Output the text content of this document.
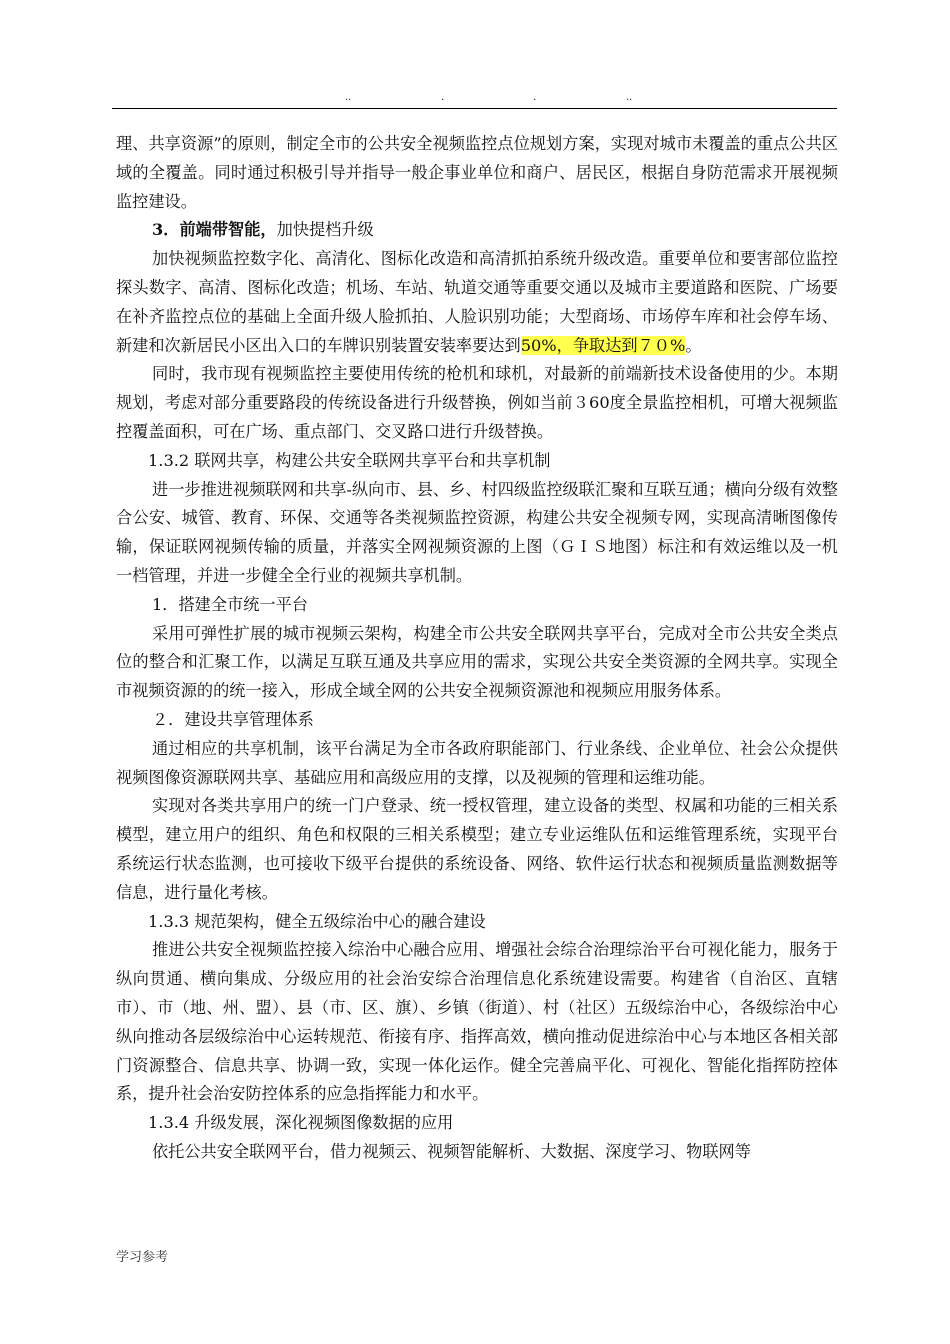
..	.	.	..

理、共享资源”的原则，制定全市的公共安全视频监控点位规划方案，实现对城市未覆盖的重点公共区域的全覆盖。同时通过积极引导并指导一般企事业单位和商户、居民区，根据自身防范需求开展视频监控建设。

3．前端带智能，加快提档升级

加快视频监控数字化、高清化、图标化改造和高清抓拍系统升级改造。重要单位和要害部位监控探头数字、高清、图标化改造；机场、车站、轨道交通等重要交通以及城市主要道路和医院、广场要在补齐监控点位的基础上全面升级人脸抓拍、人脸识别功能；大型商场、市场停车库和社会停车场、新建和次新居民小区出入口的车牌识别装置安装率要达到50%，争取达到７０%。

同时，我市现有视频监控主要使用传统的枪机和球机，对最新的前端新技术设备使用的少。本期规划，考虑对部分重要路段的传统设备进行升级替换，例如当前３60度全景监控相机，可增大视频监控覆盖面积，可在广场、重点部门、交叉路口进行升级替换。

1.3.2 联网共享，构建公共安全联网共享平台和共享机制

进一步推进视频联网和共享-纵向市、县、乡、村四级监控级联汇聚和互联互通；横向分级有效整合公安、城管、教育、环保、交通等各类视频监控资源，构建公共安全视频专网，实现高清晰图像传输，保证联网视频传输的质量，并落实全网视频资源的上图（ＧＩＳ地图）标注和有效运维以及一机一档管理，并进一步健全全行业的视频共享机制。

1．搭建全市统一平台

采用可弹性扩展的城市视频云架构，构建全市公共安全联网共享平台，完成对全市公共安全类点位的整合和汇聚工作，以满足互联互通及共享应用的需求，实现公共安全类资源的全网共享。实现全市视频资源的的统一接入，形成全域全网的公共安全视频资源池和视频应用服务体系。

２．建设共享管理体系

通过相应的共享机制，该平台满足为全市各政府职能部门、行业条线、企业单位、社会公众提供视频图像资源联网共享、基础应用和高级应用的支撑，以及视频的管理和运维功能。

实现对各类共享用户的统一门户登录、统一授权管理，建立设备的类型、权属和功能的三相关系模型，建立用户的组织、角色和权限的三相关系模型；建立专业运维队伍和运维管理系统，实现平台系统运行状态监测，也可接收下级平台提供的系统设备、网络、软件运行状态和视频质量监测数据等信息，进行量化考核。

1.3.3 规范架构，健全五级综治中心的融合建设

推进公共安全视频监控接入综治中心融合应用、增强社会综合治理综治平台可视化能力，服务于纵向贯通、横向集成、分级应用的社会治安综合治理信息化系统建设需要。构建省（自治区、直辖市）、市（地、州、盟）、县（市、区、旗）、乡镇（街道）、村（社区）五级综治中心，各级综治中心纵向推动各层级综治中心运转规范、衔接有序、指挥高效，横向推动促进综治中心与本地区各相关部门资源整合、信息共享、协调一致，实现一体化运作。健全完善扁平化、可视化、智能化指挥防控体系，提升社会治安防控体系的应急指挥能力和水平。

1.3.4 升级发展，深化视频图像数据的应用

依托公共安全联网平台，借力视频云、视频智能解析、大数据、深度学习、物联网等

学习参考
